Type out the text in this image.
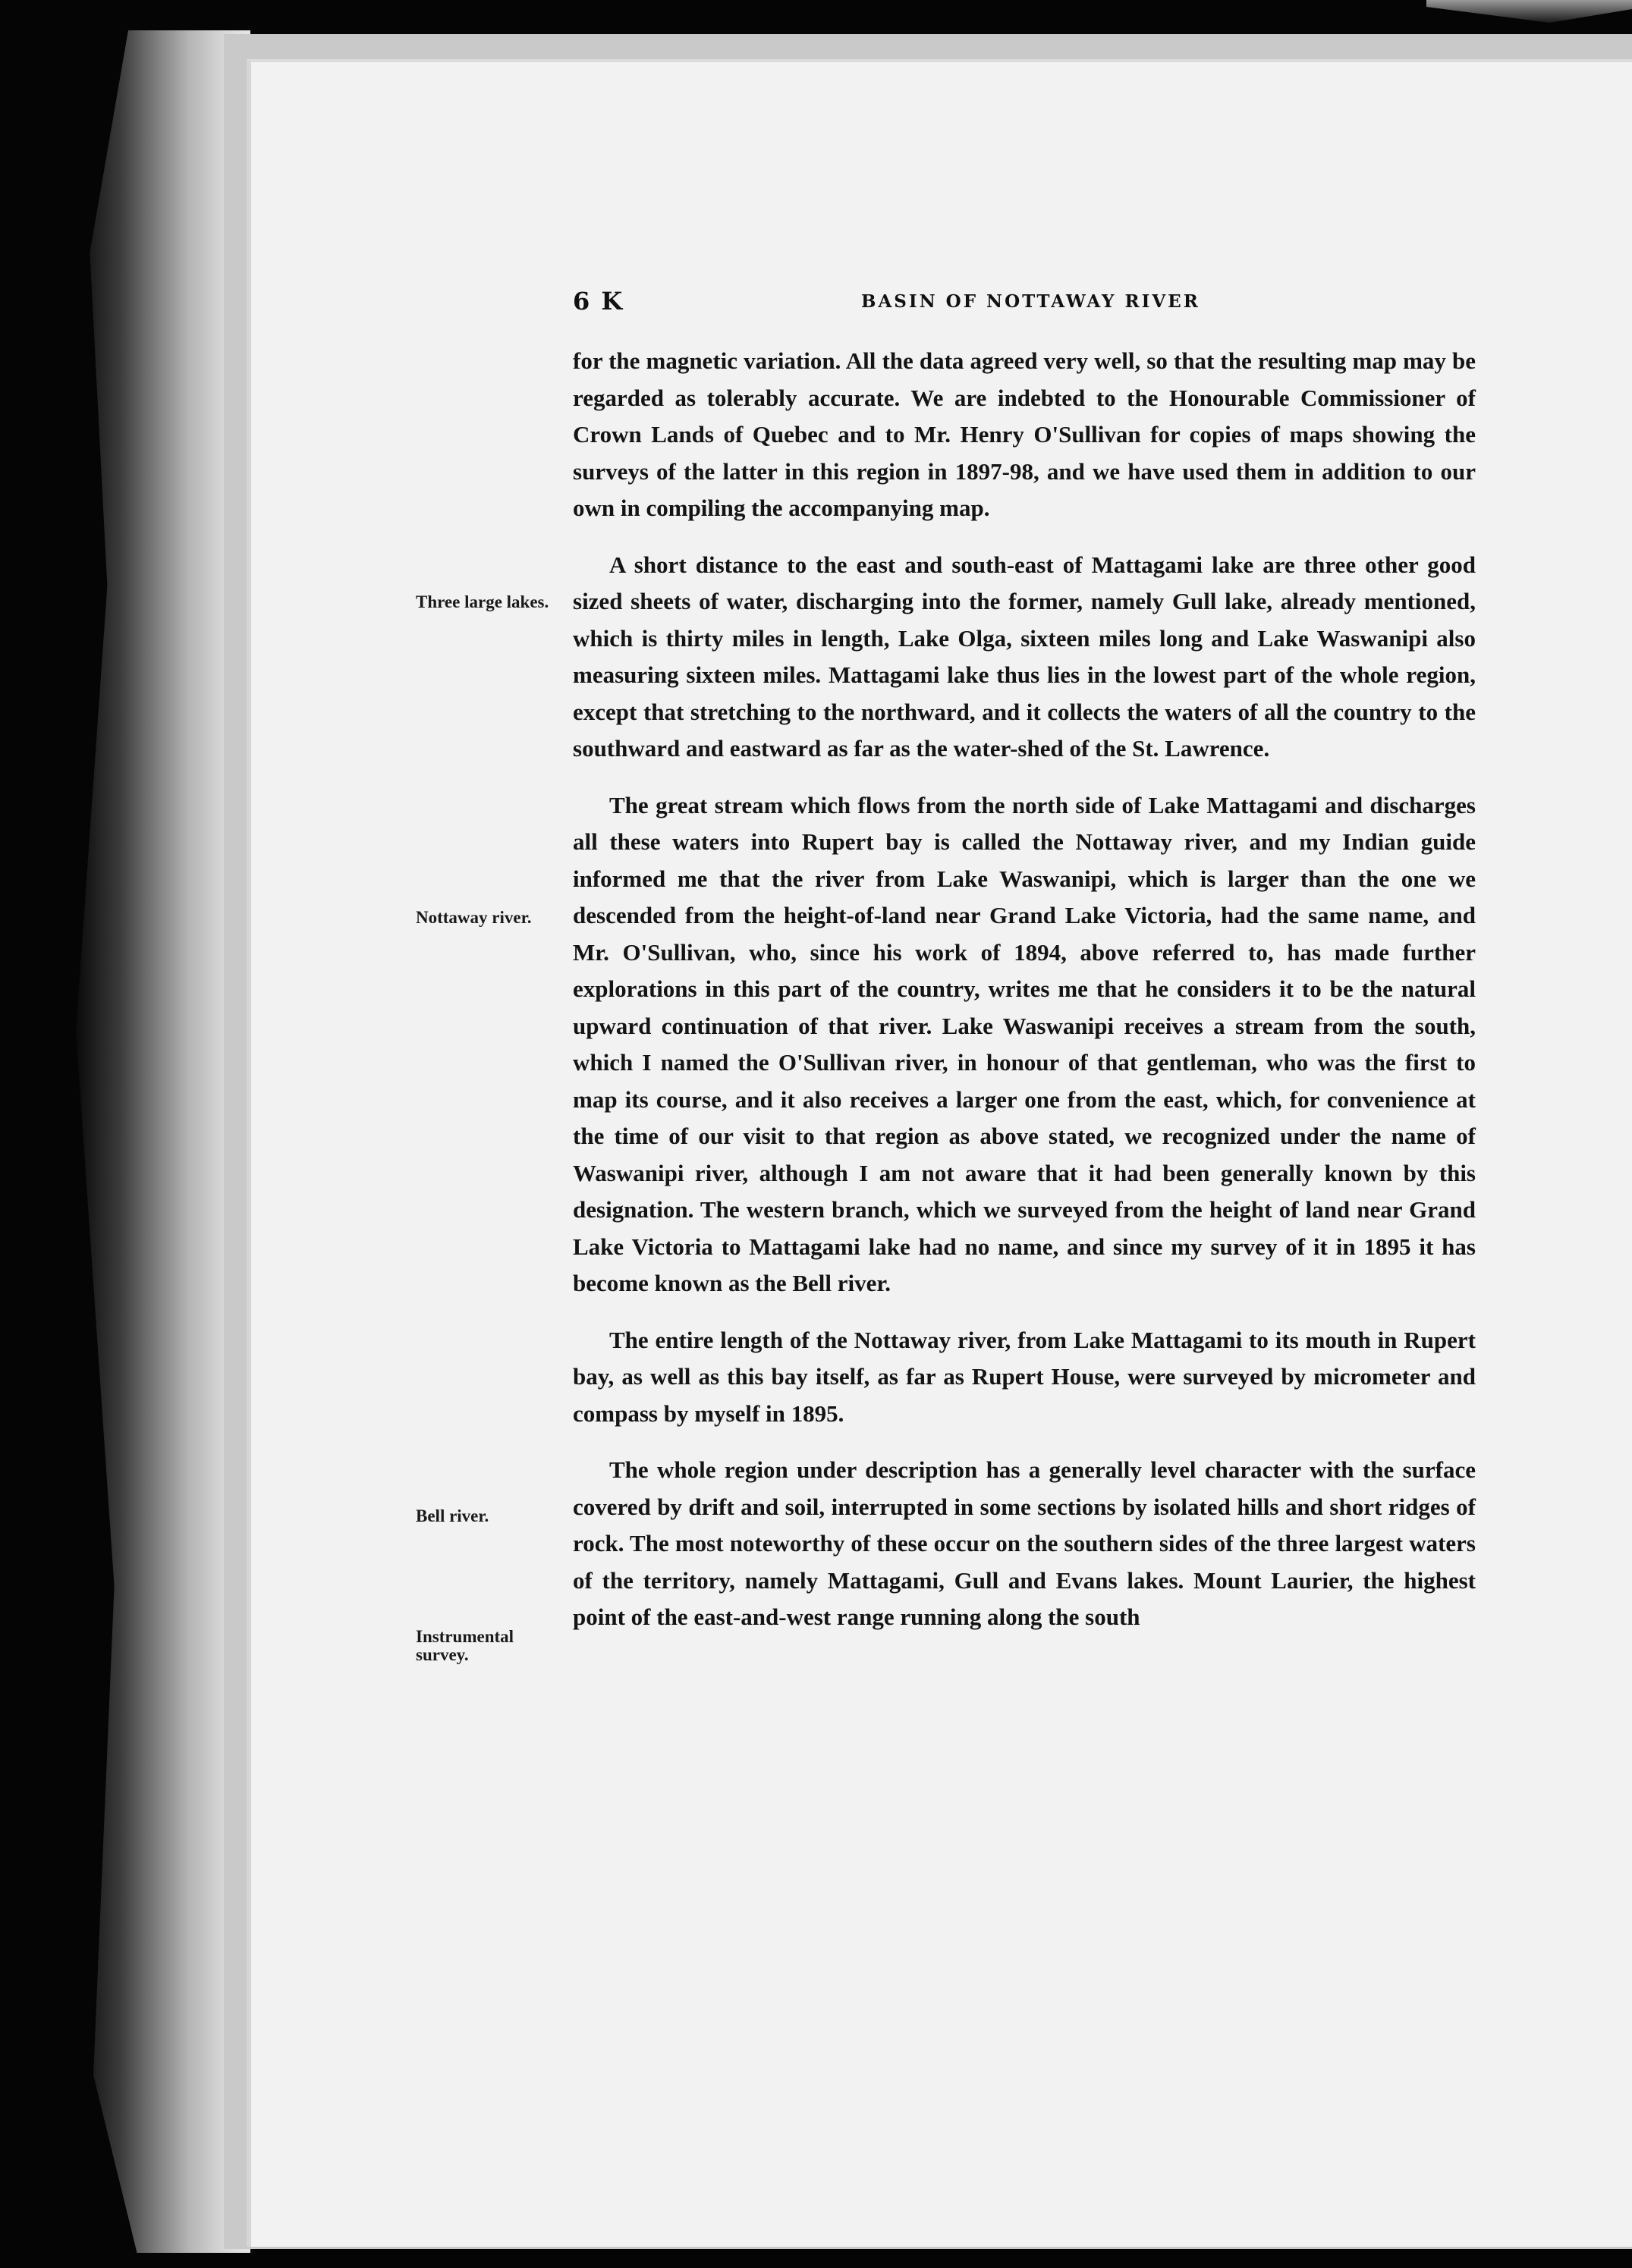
6 K	BASIN OF NOTTAWAY RIVER
Three large lakes.
Nottaway river.
Bell river.
Instrumental survey.

for the magnetic variation. All the data agreed very well, so that the resulting map may be regarded as tolerably accurate. We are indebted to the Honourable Commissioner of Crown Lands of Quebec and to Mr. Henry O'Sullivan for copies of maps showing the surveys of the latter in this region in 1897-98, and we have used them in addition to our own in compiling the accompanying map.

A short distance to the east and south-east of Mattagami lake are three other good sized sheets of water, discharging into the former, namely Gull lake, already mentioned, which is thirty miles in length, Lake Olga, sixteen miles long and Lake Waswanipi also measuring sixteen miles. Mattagami lake thus lies in the lowest part of the whole region, except that stretching to the northward, and it collects the waters of all the country to the southward and eastward as far as the water-shed of the St. Lawrence.

The great stream which flows from the north side of Lake Mattagami and discharges all these waters into Rupert bay is called the Nottaway river, and my Indian guide informed me that the river from Lake Waswanipi, which is larger than the one we descended from the height-of-land near Grand Lake Victoria, had the same name, and Mr. O'Sullivan, who, since his work of 1894, above referred to, has made further explorations in this part of the country, writes me that he considers it to be the natural upward continuation of that river. Lake Waswanipi receives a stream from the south, which I named the O'Sullivan river, in honour of that gentleman, who was the first to map its course, and it also receives a larger one from the east, which, for convenience at the time of our visit to that region as above stated, we recognized under the name of Waswanipi river, although I am not aware that it had been generally known by this designation. The western branch, which we surveyed from the height of land near Grand Lake Victoria to Mattagami lake had no name, and since my survey of it in 1895 it has become known as the Bell river.

The entire length of the Nottaway river, from Lake Mattagami to its mouth in Rupert bay, as well as this bay itself, as far as Rupert House, were surveyed by micrometer and compass by myself in 1895.

The whole region under description has a generally level character with the surface covered by drift and soil, interrupted in some sections by isolated hills and short ridges of rock. The most noteworthy of these occur on the southern sides of the three largest waters of the territory, namely Mattagami, Gull and Evans lakes. Mount Laurier, the highest point of the east-and-west range running along the south
